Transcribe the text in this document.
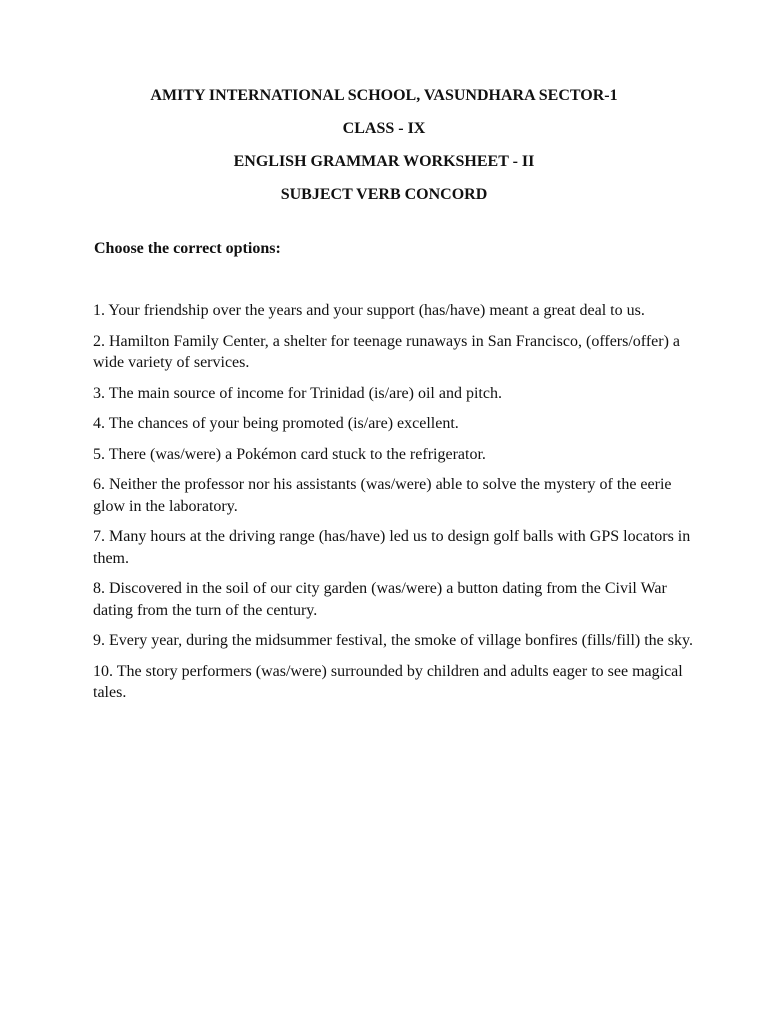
AMITY INTERNATIONAL SCHOOL, VASUNDHARA SECTOR-1
CLASS - IX
ENGLISH GRAMMAR WORKSHEET - II
SUBJECT VERB CONCORD
Choose the correct options:
1. Your friendship over the years and your support (has/have) meant a great deal to us.
2. Hamilton Family Center, a shelter for teenage runaways in San Francisco, (offers/offer) a wide variety of services.
3. The main source of income for Trinidad (is/are) oil and pitch.
4. The chances of your being promoted (is/are) excellent.
5. There (was/were) a Pokémon card stuck to the refrigerator.
6. Neither the professor nor his assistants (was/were) able to solve the mystery of the eerie glow in the laboratory.
7. Many hours at the driving range (has/have) led us to design golf balls with GPS locators in them.
8. Discovered in the soil of our city garden (was/were) a button dating from the Civil War dating from the turn of the century.
9. Every year, during the midsummer festival, the smoke of village bonfires (fills/fill) the sky.
10. The story performers (was/were) surrounded by children and adults eager to see magical tales.
